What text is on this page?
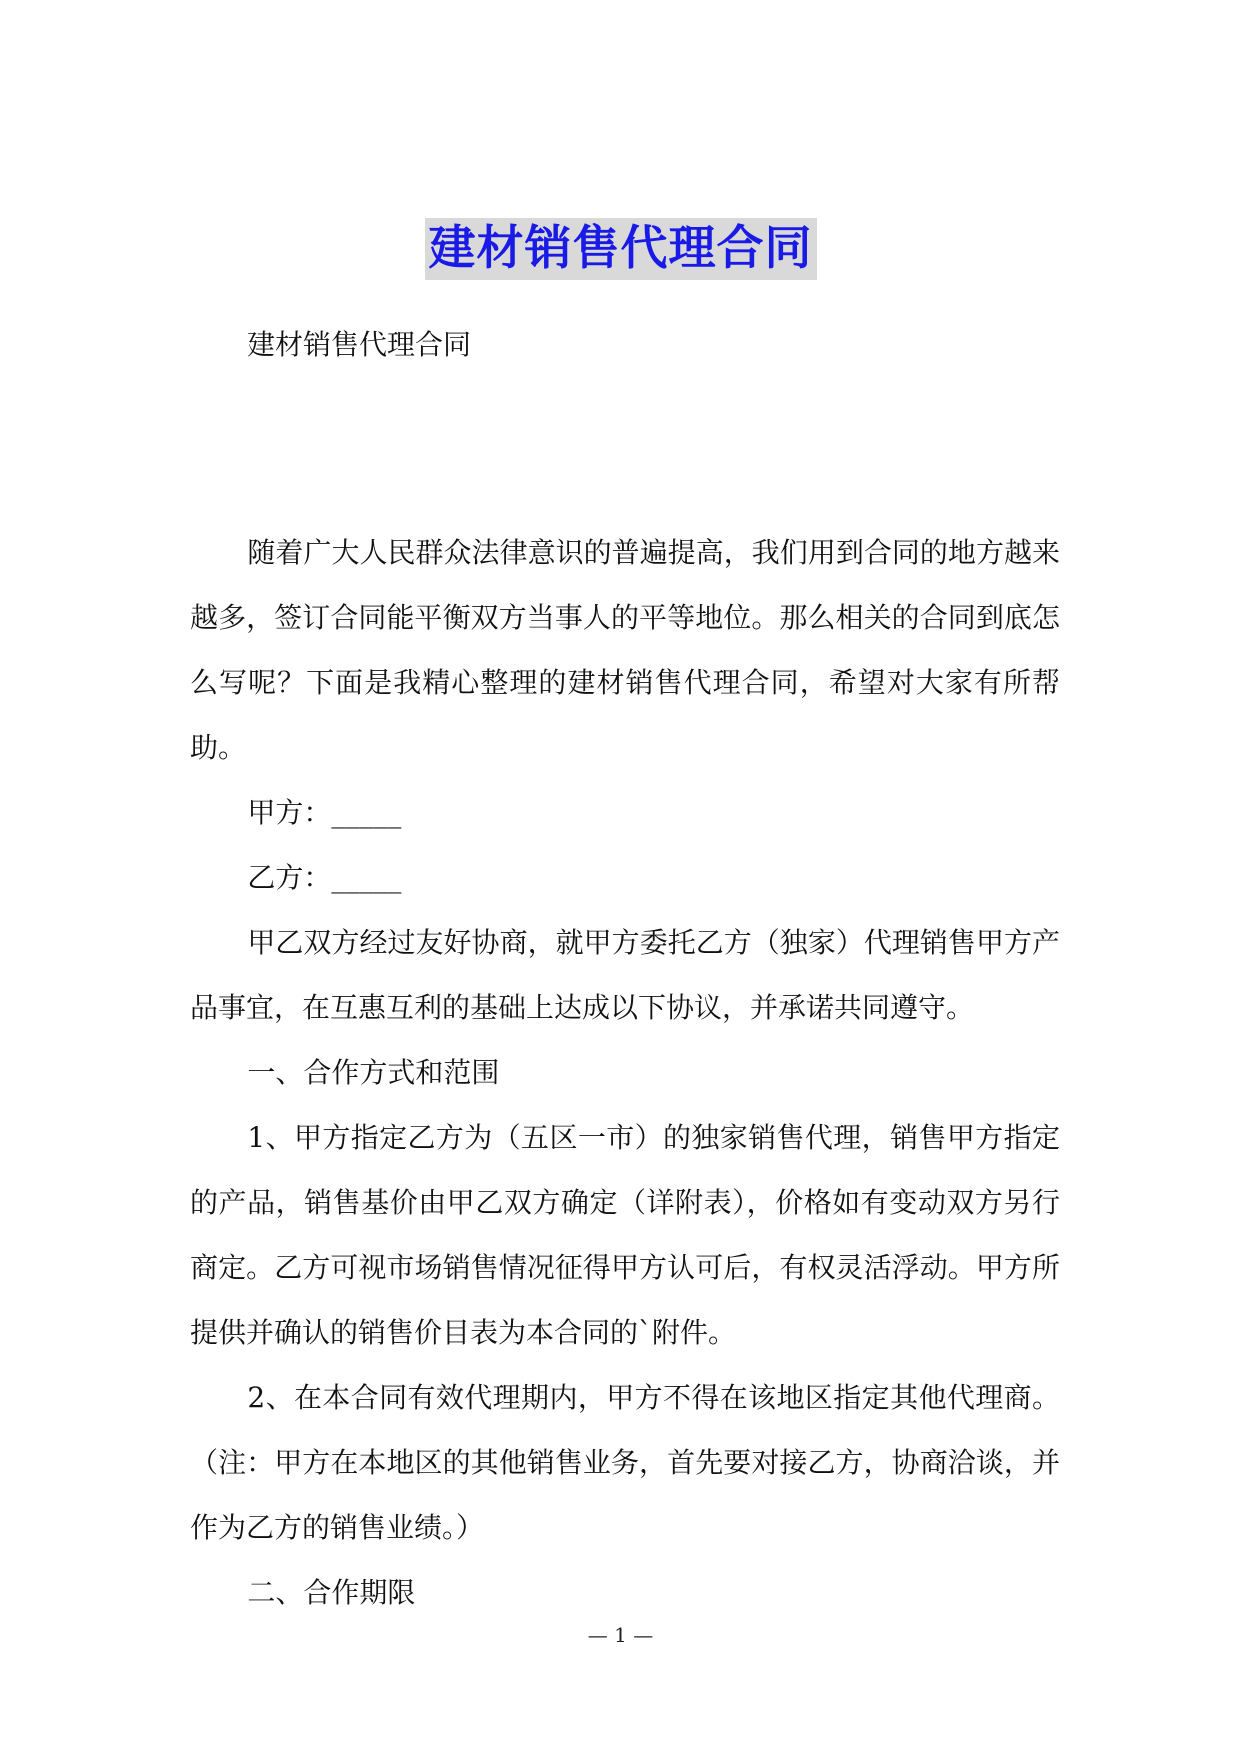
建材销售代理合同
建材销售代理合同

随着广大人民群众法律意识的普遍提高，我们用到合同的地方越来越多，签订合同能平衡双方当事人的平等地位。那么相关的合同到底怎么写呢？下面是我精心整理的建材销售代理合同，希望对大家有所帮助。

甲方：_____

乙方：_____

甲乙双方经过友好协商，就甲方委托乙方（独家）代理销售甲方产品事宜，在互惠互利的基础上达成以下协议，并承诺共同遵守。

一、合作方式和范围

1、甲方指定乙方为（五区一市）的独家销售代理，销售甲方指定的产品，销售基价由甲乙双方确定（详附表），价格如有变动双方另行商定。乙方可视市场销售情况征得甲方认可后，有权灵活浮动。甲方所提供并确认的销售价目表为本合同的`附件。

2、在本合同有效代理期内，甲方不得在该地区指定其他代理商。（注：甲方在本地区的其他销售业务，首先要对接乙方，协商洽谈，并作为乙方的销售业绩。）

二、合作期限

— 1 —
